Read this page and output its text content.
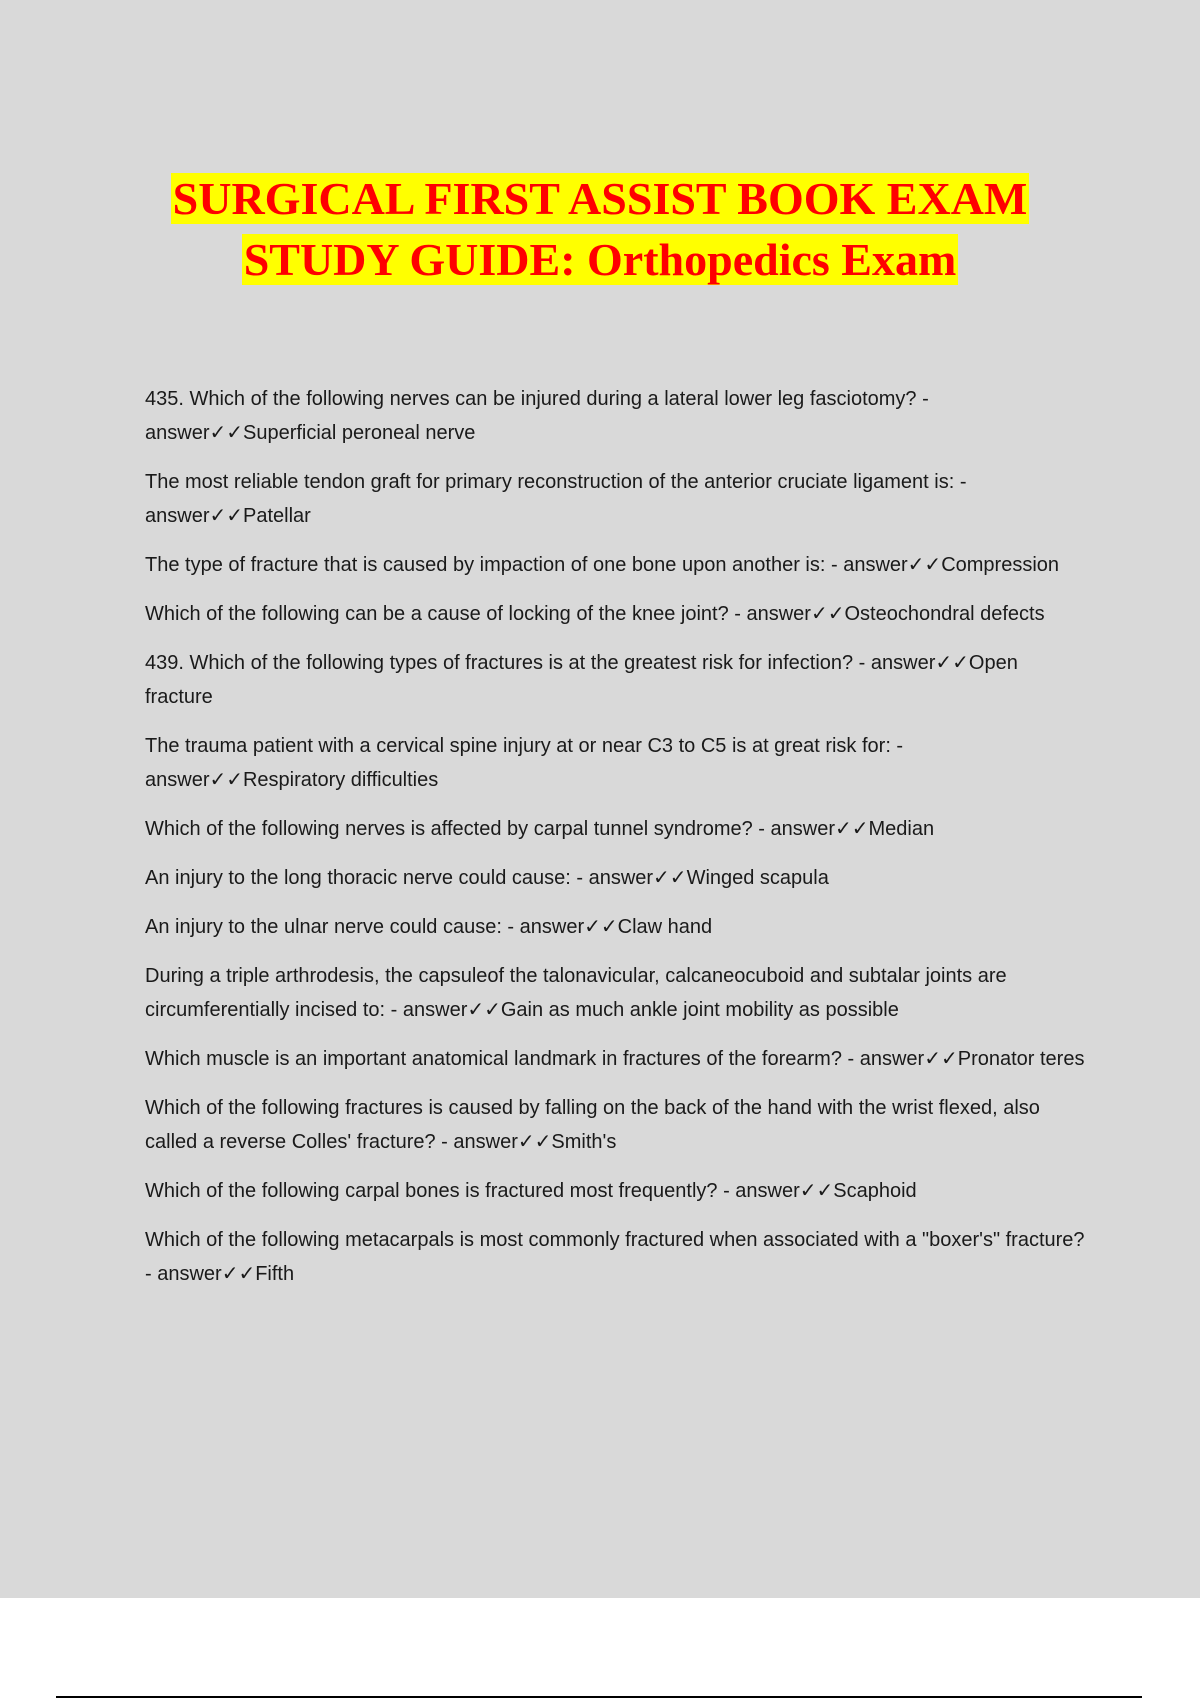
SURGICAL FIRST ASSIST BOOK EXAM
STUDY GUIDE: Orthopedics Exam

435. Which of the following nerves can be injured during a lateral lower leg fasciotomy? - answer✓✓Superficial peroneal nerve

The most reliable tendon graft for primary reconstruction of the anterior cruciate ligament is: - answer✓✓Patellar

The type of fracture that is caused by impaction of one bone upon another is: - answer✓✓Compression

Which of the following can be a cause of locking of the knee joint? - answer✓✓Osteochondral defects

439. Which of the following types of fractures is at the greatest risk for infection? - answer✓✓Open fracture

The trauma patient with a cervical spine injury at or near C3 to C5 is at great risk for: - answer✓✓Respiratory difficulties

Which of the following nerves is affected by carpal tunnel syndrome? - answer✓✓Median

An injury to the long thoracic nerve could cause: - answer✓✓Winged scapula

An injury to the ulnar nerve could cause: - answer✓✓Claw hand

During a triple arthrodesis, the capsuleof the talonavicular, calcaneocuboid and subtalar joints are circumferentially incised to: - answer✓✓Gain as much ankle joint mobility as possible

Which muscle is an important anatomical landmark in fractures of the forearm? - answer✓✓Pronator teres

Which of the following fractures is caused by falling on the back of the hand with the wrist flexed, also called a reverse Colles' fracture? - answer✓✓Smith's

Which of the following carpal bones is fractured most frequently? - answer✓✓Scaphoid

Which of the following metacarpals is most commonly fractured when associated with a "boxer's" fracture? - answer✓✓Fifth
